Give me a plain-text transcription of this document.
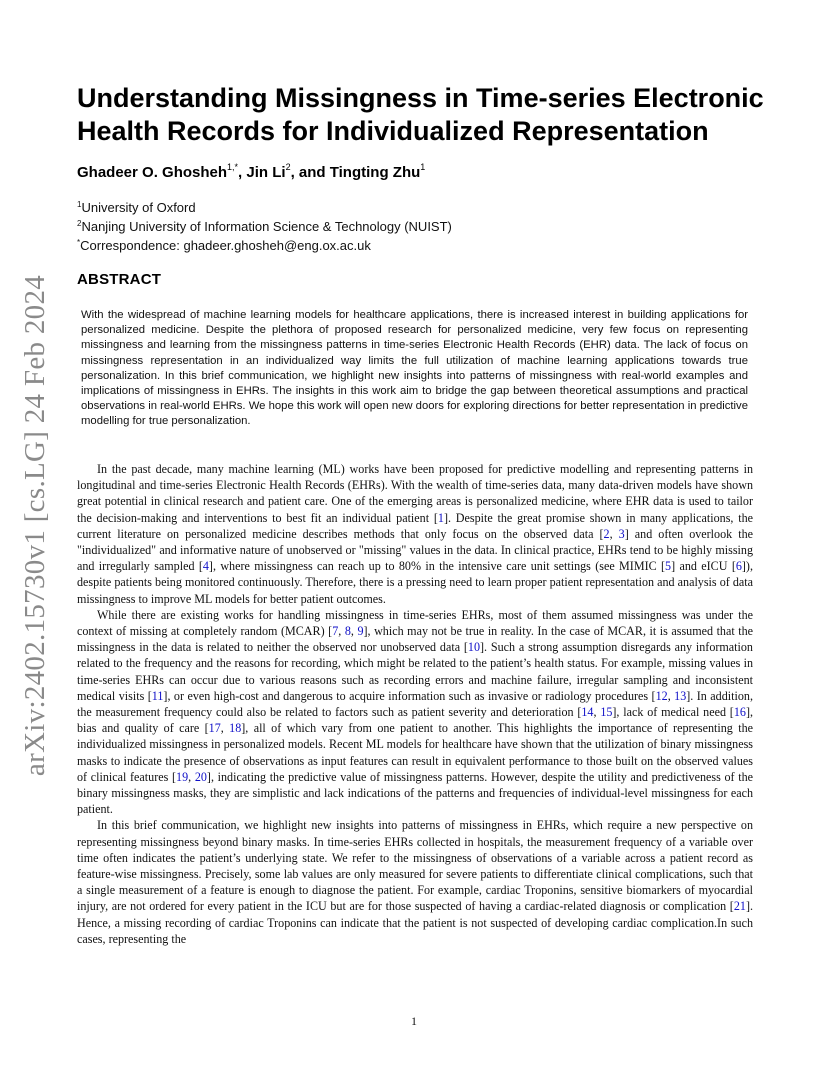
arXiv:2402.15730v1 [cs.LG] 24 Feb 2024
Understanding Missingness in Time-series Electronic Health Records for Individualized Representation
Ghadeer O. Ghosheh$^{1,*}$, Jin Li$^2$, and Tingting Zhu$^1$
$^1$University of Oxford
$^2$Nanjing University of Information Science & Technology (NUIST)
*Correspondence: ghadeer.ghosheh@eng.ox.ac.uk
ABSTRACT

With the widespread of machine learning models for healthcare applications, there is increased interest in building applications for personalized medicine. Despite the plethora of proposed research for personalized medicine, very few focus on representing missingness and learning from the missingness patterns in time-series Electronic Health Records (EHR) data. The lack of focus on missingness representation in an individualized way limits the full utilization of machine learning applications towards true personalization. In this brief communication, we highlight new insights into patterns of missingness with real-world examples and implications of missingness in EHRs. The insights in this work aim to bridge the gap between theoretical assumptions and practical observations in real-world EHRs. We hope this work will open new doors for exploring directions for better representation in predictive modelling for true personalization.

In the past decade, many machine learning (ML) works have been proposed for predictive modelling and representing patterns in longitudinal and time-series Electronic Health Records (EHRs). With the wealth of time-series data, many data-driven models have shown great potential in clinical research and patient care. One of the emerging areas is personalized medicine, where EHR data is used to tailor the decision-making and interventions to best fit an individual patient [1]. Despite the great promise shown in many applications, the current literature on personalized medicine describes methods that only focus on the observed data [2, 3] and often overlook the "individualized" and informative nature of unobserved or "missing" values in the data. In clinical practice, EHRs tend to be highly missing and irregularly sampled [4], where missingness can reach up to 80% in the intensive care unit settings (see MIMIC [5] and eICU [6]), despite patients being monitored continuously. Therefore, there is a pressing need to learn proper patient representation and analysis of data missingness to improve ML models for better patient outcomes.

While there are existing works for handling missingness in time-series EHRs, most of them assumed missingness was under the context of missing at completely random (MCAR) [7, 8, 9], which may not be true in reality. In the case of MCAR, it is assumed that the missingness in the data is related to neither the observed nor unobserved data [10]. Such a strong assumption disregards any information related to the frequency and the reasons for recording, which might be related to the patient’s health status. For example, missing values in time-series EHRs can occur due to various reasons such as recording errors and machine failure, irregular sampling and inconsistent medical visits [11], or even high-cost and dangerous to acquire information such as invasive or radiology procedures [12, 13]. In addition, the measurement frequency could also be related to factors such as patient severity and deterioration [14, 15], lack of medical need [16], bias and quality of care [17, 18], all of which vary from one patient to another. This highlights the importance of representing the individualized missingness in personalized models. Recent ML models for healthcare have shown that the utilization of binary missingness masks to indicate the presence of observations as input features can result in equivalent performance to those built on the observed values of clinical features [19, 20], indicating the predictive value of missingness patterns. However, despite the utility and predictiveness of the binary missingness masks, they are simplistic and lack indications of the patterns and frequencies of individual-level missingness for each patient.

In this brief communication, we highlight new insights into patterns of missingness in EHRs, which require a new perspective on representing missingness beyond binary masks. In time-series EHRs collected in hospitals, the measurement frequency of a variable over time often indicates the patient’s underlying state. We refer to the missingness of observations of a variable across a patient record as feature-wise missingness. Precisely, some lab values are only measured for severe patients to differentiate clinical complications, such that a single measurement of a feature is enough to diagnose the patient. For example, cardiac Troponins, sensitive biomarkers of myocardial injury, are not ordered for every patient in the ICU but are for those suspected of having a cardiac-related diagnosis or complication [21]. Hence, a missing recording of cardiac Troponins can indicate that the patient is not suspected of developing cardiac complication.In such cases, representing the

1
